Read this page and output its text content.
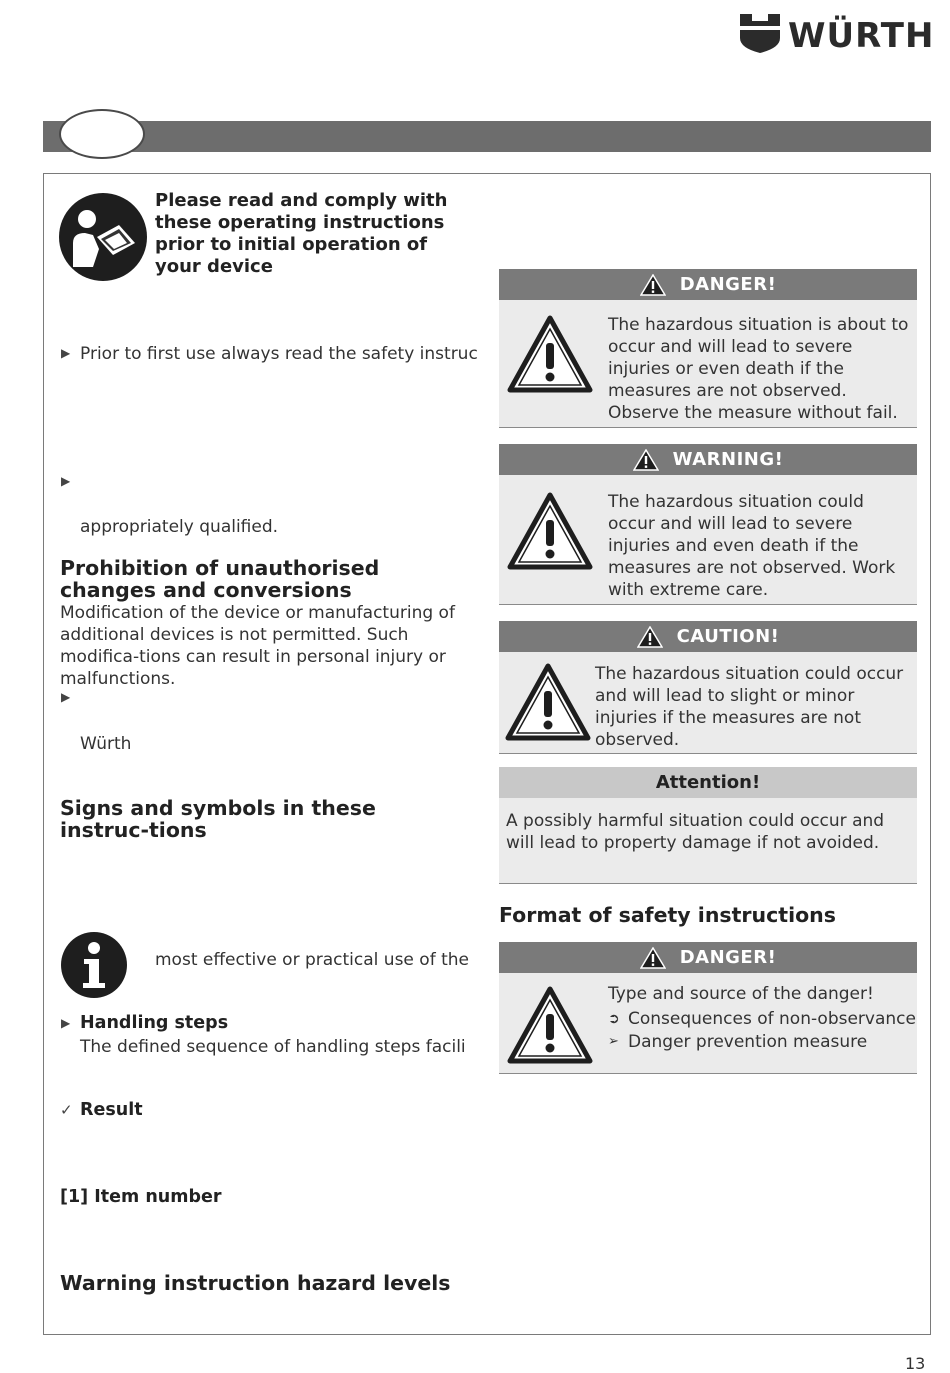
WÜRTH
Please read and comply with these operating instructions prior to initial operation of your device
▶ Prior to first use always read the safety instruc
▶
appropriately qualified.
Prohibition of unauthorised changes and conversions
Modification of the device or manufacturing of additional devices is not permitted. Such modifica-tions can result in personal injury or malfunctions.
▶
Würth
Signs and symbols in these instruc-tions
most effective or practical use of the
▶ Handling steps
The defined sequence of handling steps facili
✓ Result
[1] Item number
Warning instruction hazard levels
DANGER!
The hazardous situation is about to occur and will lead to severe injuries or even death if the measures are not observed. Observe the measure without fail.
WARNING!
The hazardous situation could occur and will lead to severe injuries and even death if the measures are not observed. Work with extreme care.
CAUTION!
The hazardous situation could occur and will lead to slight or minor injuries if the measures are not observed.
Attention!
A possibly harmful situation could occur and will lead to property damage if not avoided.
Format of safety instructions
DANGER!
Type and source of the danger!
➲ Consequences of non-observance
➢ Danger prevention measure
13
